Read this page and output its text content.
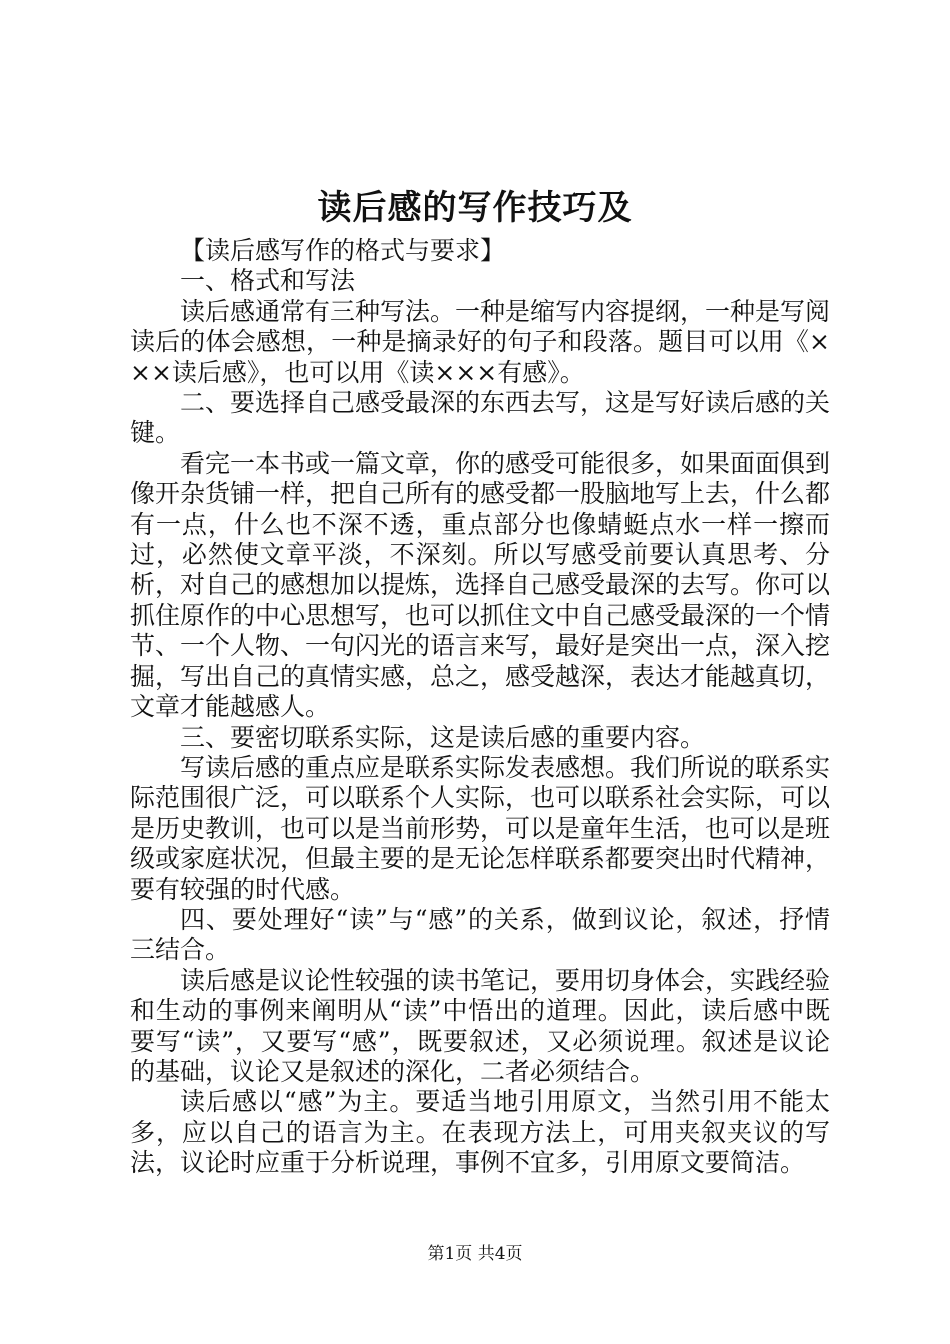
读后感的写作技巧及

【读后感写作的格式与要求】

一、格式和写法

读后感通常有三种写法。一种是缩写内容提纲，一种是写阅读后的体会感想，一种是摘录好的句子和段落。题目可以用《×××读后感》，也可以用《读×××有感》。

二、要选择自己感受最深的东西去写，这是写好读后感的关键。

看完一本书或一篇文章，你的感受可能很多，如果面面俱到像开杂货铺一样，把自己所有的感受都一股脑地写上去，什么都有一点，什么也不深不透，重点部分也像蜻蜓点水一样一擦而过，必然使文章平淡，不深刻。所以写感受前要认真思考、分析，对自己的感想加以提炼，选择自己感受最深的去写。你可以抓住原作的中心思想写，也可以抓住文中自己感受最深的一个情节、一个人物、一句闪光的语言来写，最好是突出一点，深入挖掘，写出自己的真情实感，总之，感受越深，表达才能越真切，文章才能越感人。

三、要密切联系实际，这是读后感的重要内容。

写读后感的重点应是联系实际发表感想。我们所说的联系实际范围很广泛，可以联系个人实际，也可以联系社会实际，可以是历史教训，也可以是当前形势，可以是童年生活，也可以是班级或家庭状况，但最主要的是无论怎样联系都要突出时代精神，要有较强的时代感。

四、要处理好“读”与“感”的关系，做到议论，叙述，抒情三结合。

读后感是议论性较强的读书笔记，要用切身体会，实践经验和生动的事例来阐明从“读”中悟出的道理。因此，读后感中既要写“读”，又要写“感”，既要叙述，又必须说理。叙述是议论的基础，议论又是叙述的深化，二者必须结合。

读后感以“感”为主。要适当地引用原文，当然引用不能太多，应以自己的语言为主。在表现方法上，可用夹叙夹议的写法，议论时应重于分析说理，事例不宜多，引用原文要简洁。

第1页 共4页
